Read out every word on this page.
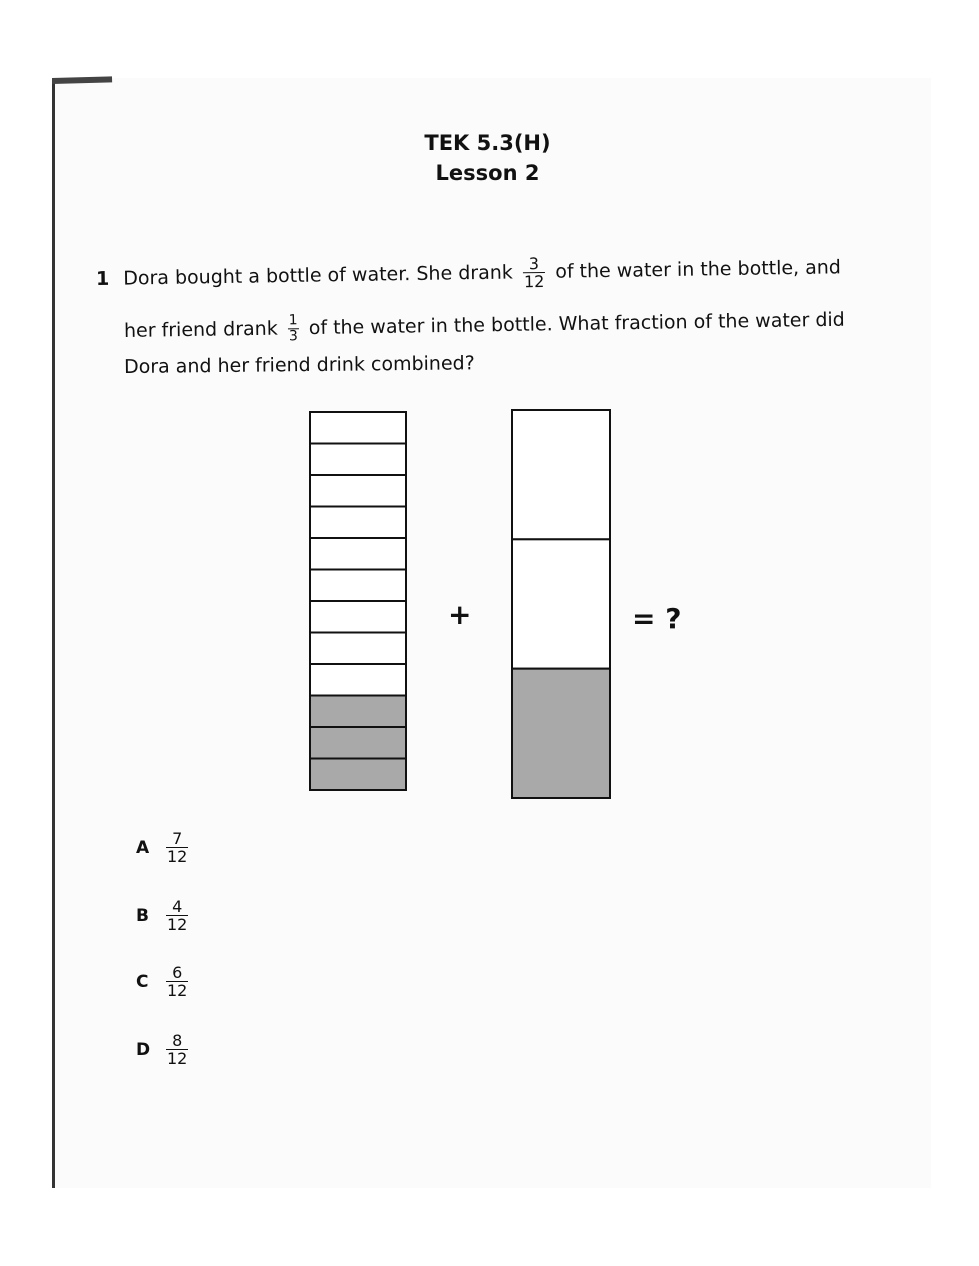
TEK 5.3(H)
Lesson 2
1 Dora bought a bottle of water. She drank $\frac{3}{12}$ of the water in the bottle, and
her friend drank $\frac{1}{3}$ of the water in the bottle. What fraction of the water did
Dora and her friend drink combined?
+	= ?
A	$\frac{7}{12}$
B	$\frac{4}{12}$
C	$\frac{6}{12}$
D $\frac{8}{12}$
